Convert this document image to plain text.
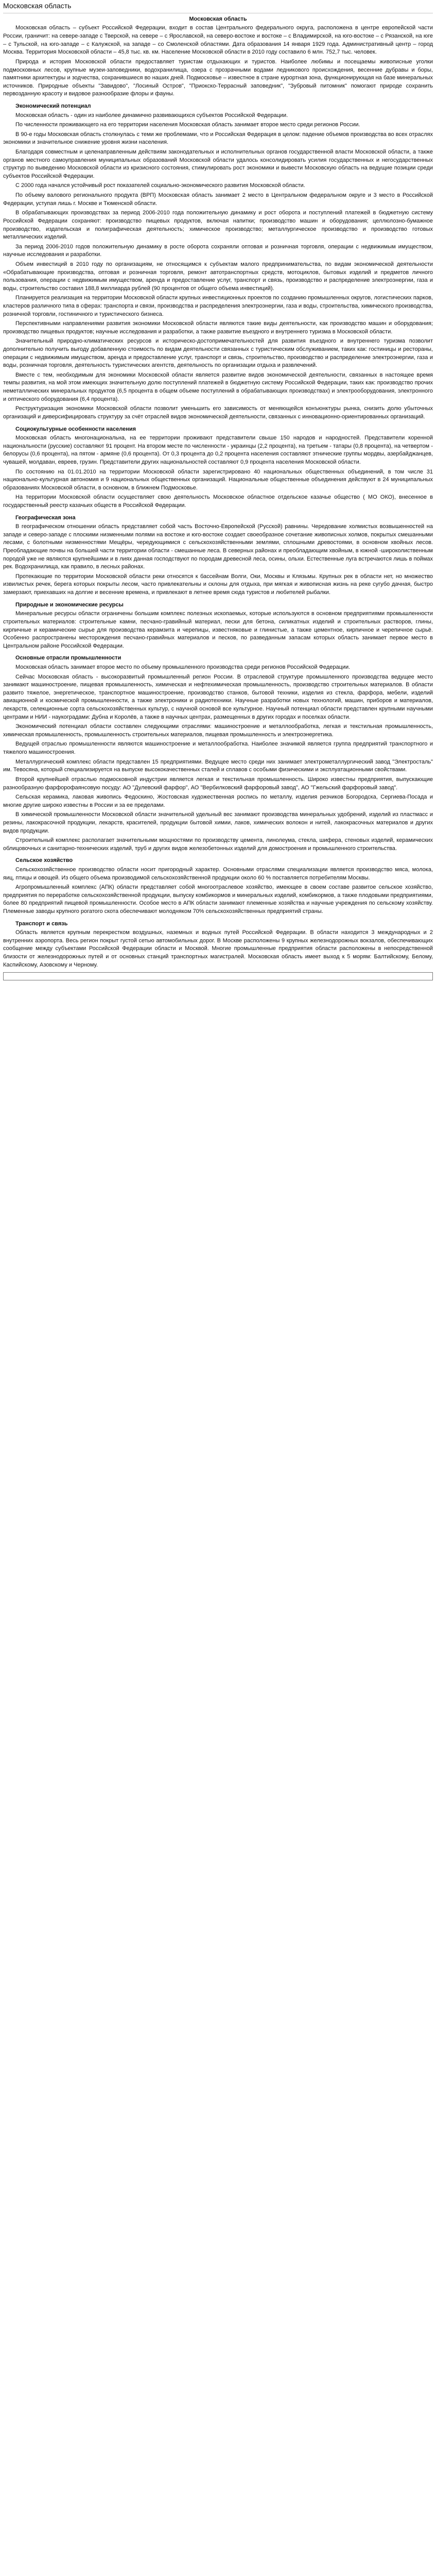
Московская область
Московская область

Московская область – субъект Российской Федерации, входит в состав Центрального федерального округа, расположена в центре европейской части России, граничит: на севере-западе с Тверской, на севере – с Ярославской, на северо-востоке и востоке – с Владимирской, на юго-востоке – с Рязанской, на юге – с Тульской, на юго-западе – с Калужской, на западе – со Смоленской областями. Дата образования 14 января 1929 года. Административный центр – город Москва. Территория Московской области – 45,8 тыс. кв. км. Население Московской области в 2010 году составило 6 млн. 752,7 тыс. человек.

Природа и история Московской области предоставляет туристам отдыхающих и туристов. Наиболее любимы и посещаемы живописные уголки подмосковных лесов, крупные музеи-заповедники, водохранилища, озера с прозрачными водами ледникового происхождения, весенние дубравы и боры, памятники архитектуры и зодчества, сохранившиеся во наших дней. Подмосковье – известное в стране курортная зона, функционирующая на базе минеральных источников. Природные объекты "Завидово", "Лосиный Остров", "Приокско-Террасный заповедник", "Зубровый питомник" помогают природе сохранить первозданную красоту и видовое разнообразие флоры и фауны.

Экономический потенциал

Московская область - один из наиболее динамично развивающихся субъектов Российской Федерации.

По численности проживающего на его территории населения Московская область занимает второе место среди регионов России.

В 90-е годы Московская область столкнулась с теми же проблемами, что и Российская Федерация в целом: падение объемов производства во всех отраслях экономики и значительное снижение уровня жизни населения.

Благодаря совместным и целенаправленным действиям законодательных и исполнительных органов государственной власти Московской области, а также органов местного самоуправления муниципальных образований Московской области удалось консолидировать усилия государственных и негосударственных структур по выведению Московской области из кризисного состояния, стимулировать рост экономики и вывести Московскую область на ведущие позиции среди субъектов Российской Федерации.

С 2000 года начался устойчивый рост показателей социально-экономического развития Московской области.

По объему валового регионального продукта (ВРП) Московская область занимает 2 место в Центральном федеральном округе и 3 место в Российской Федерации, уступая лишь г. Москве и Тюменской области.

В обрабатывающих производствах за период 2006-2010 года положительную динамику и рост оборота и поступлений платежей в бюджетную систему Российской Федерации сохраняют: производство пищевых продуктов, включая напитки; производство машин и оборудования; целлюлозно-бумажное производство, издательская и полиграфическая деятельность; химическое производство; металлургическое производство и производство готовых металлических изделий.

За период 2006-2010 годов положительную динамику в росте оборота сохраняли оптовая и розничная торговля, операции с недвижимым имуществом, научные исследования и разработки.

Объем инвестиций в 2010 году по организациям, не относящимся к субъектам малого предпринимательства, по видам экономической деятельности «Обрабатывающие производства, оптовая и розничная торговля, ремонт автотранспортных средств, мотоциклов, бытовых изделий и предметов личного пользования, операции с недвижимым имуществом, аренда и предоставление услуг, транспорт и связь, производство и распределение электроэнергии, газа и воды, строительство составил 188,8 миллиарда рублей (90 процентов от общего объема инвестиций).

Планируется реализация на территории Московской области крупных инвестиционных проектов по созданию промышленных округов, логистических парков, кластеров различного типа в сферах: транспорта и связи, производства и распределения электроэнергии, газа и воды, строительства, химического производства, розничной торговли, гостиничного и туристического бизнеса.

Перспективными направлениями развития экономики Московской области являются такие виды деятельности, как производство машин и оборудования; производство пищевых продуктов; научные исследования и разработки, а также развитие въездного и внутреннего туризма в Московской области.

Значительный природно-климатических ресурсов и историческо-достопримечательностей для развития въездного и внутреннего туризма позволит дополнительно получить выгоду добавленную стоимость по видам деятельности связанных с туристическим обслуживанием, таких как: гостиницы и рестораны, операции с недвижимым имуществом, аренда и предоставление услуг, транспорт и связь, строительство, производство и распределение электроэнергии, газа и воды, розничная торговля, деятельность туристических агентств, деятельность по организации отдыха и развлечений.

Вместе с тем, необходимым для экономики Московской области является развитие видов экономической деятельности, связанных в настоящее время темпы развития, на мой этом имеющих значительную долю поступлений платежей в бюджетную систему Российской Федерации, таких как: производство прочих неметаллических минеральных продуктов (6,5 процента в общем объеме поступлений в обрабатывающих производствах) и электрооборудования, электронного и оптического оборудования (6,4 процента).

Реструктуризация экономики Московской области позволит уменьшить его зависимость от меняющейся конъюнктуры рынка, снизить долю убыточных организаций и диверсифицировать структуру за счёт отраслей видов экономической деятельности, связанных с инновационно-ориентированных организаций.

Социокультурные особенности населения

Московская область многонациональна, на ее территории проживают представители свыше 150 народов и народностей. Представители коренной национальности (русские) составляют 91 процент. На втором месте по численности - украинцы (2,2 процента), на третьем - татары (0,8 процента), на четвертом - белорусы (0,6 процента), на пятом - армяне (0,6 процента). От 0,3 процента до 0,2 процента населения составляют этнические группы мордвы, азербайджанцев, чувашей, молдаван, евреев, грузин. Представители других национальностей составляют 0,9 процента населения Московской области.

По состоянию на 01.01.2010 на территории Московской области зарегистрировано 40 национальных общественных объединений, в том числе 31 национально-культурная автономия и 9 национальных общественных организаций. Национальные общественные объединения действуют в 24 муниципальных образованиях Московской области, в основном, в ближнем Подмосковье.

На территории Московской области осуществляет свою деятельность Московское областное отдельское казачье общество ( МО ОКО), внесенное в государственный реестр казачьих обществ в Российской Федерации.

Географическая зона

В географическом отношении область представляет собой часть Восточно-Европейской (Русской) равнины. Чередование холмистых возвышенностей на западе и северо-западе с плоскими низменными полями на востоке и юго-востоке создает своеобразное сочетание живописных холмов, покрытых смешанными лесами, с болотными низменностями Мещёры, чередующимися с сельскохозяйственными землями, сплошными древостоями, в основном хвойных лесов. Преобладающие почвы на большей части территории области - смешанные леса. В северных районах и преобладающим хвойным, в южной -широколиственным породой уже не являются крупнейшими и в лиях данная господствуют по породам древесной леса, осины, ольхи. Естественные луга встречаются лишь в поймах рек. Водохранилища, как правило, в лесных районах.

Протекающие по территории Московской области реки относятся к бассейнам Волги, Оки, Москвы и Клязьмы. Крупных рек в области нет, но множество извилистых речек, берега которых покрыты лесом, часто привлекательны и склоны для отдыха, при мягкая и живописная жизнь на реке сугубо дачная, быстро замерзают, приехавших на долгие и весенние времена, и привлекают в летнее время сюда туристов и любителей рыбалки.

Природные и экономические ресурсы

Минеральные ресурсы области ограничены большим комплекс полезных ископаемых, которые используются в основном предприятиями промышленности строительных материалов: строительные камни, песчано-гравийный материал, пески для бетона, силикатных изделий и строительных растворов, глины, кирпичные и керамические сырье для производства керамзита и черепицы, известняковые и глинистые, а также цементное, кирпичное и черепичное сырьё. Особенно распространены месторождения песчано-гравийных материалов и песков, по разведанным запасам которых область занимает первое место в Центральном районе Российской Федерации.

Основные отрасли промышленности

Московская область занимает второе место по объему промышленного производства среди регионов Российской Федерации.

Сейчас Московская область - высокоразвитый промышленный регион России. В отраслевой структуре промышленного производства ведущее место занимают машиностроение, пищевая промышленность, химическая и нефтехимическая промышленность, производство строительных материалов. В области развито тяжелое, энергетическое, транспортное машиностроение, производство станков, бытовой техники, изделия из стекла, фарфора, мебели, изделий авиационной и космической промышленности, а также электроники и радиотехники. Научные разработки новых технологий, машин, приборов и материалов, лекарств, селекционные сорта сельскохозяйственных культур, с научной основой все культурное. Научный потенциал области представлен крупными научными центрами и НИИ - наукоградами: Дубна и Королёв, а также в научных центрах, размещенных в других городах и поселках области.

Экономический потенциал области составлен следующими отраслями: машиностроение и металлообработка, легкая и текстильная промышленность, химическая промышленность, промышленность строительных материалов, пищевая промышленность и электроэнергетика.

Ведущей отраслью промышленности являются машиностроение и металлообработка. Наиболее значимой является группа предприятий транспортного и тяжелого машиностроения.

Металлургический комплекс области представлен 15 предприятиями. Ведущее место среди них занимает электрометаллургический завод "Электросталь" им. Тевосяна, который специализируется на выпуске высококачественных сталей и сплавов с особыми физическими и эксплуатационными свойствами.

Второй крупнейшей отраслью подмосковной индустрии является легкая и текстильная промышленность. Широко известны предприятия, выпускающие разнообразную фарфорофаянсовую посуду: АО "Дулевский фарфор", АО "Вербилковский фарфоровый завод", АО "Гжельский фарфоровый завод".

Сельская керамика, лаковая живопись Федоскино, Жостовская художественная роспись по металлу, изделия резчиков Богородска, Сергиева-Посада и многие другие широко известны в России и за ее пределами.

В химической промышленности Московской области значительной удельный вес занимают производства минеральных удобрений, изделий из пластмасс и резины, лакокрасочной продукции, лекарств, красителей, продукции бытовой химии, лаков, химических волокон и нитей, лакокрасочных материалов и других видов продукции.

Строительный комплекс располагает значительными мощностями по производству цемента, линолеума, стекла, шифера, стеновых изделий, керамических облицовочных и санитарно-технических изделий, труб и других видов железобетонных изделий для домостроения и промышленного строительства.

Сельское хозяйство

Сельскохозяйственное производство области носит пригородный характер. Основными отраслями специализации является производство мяса, молока, яиц, птицы и овощей. Из общего объема производимой сельскохозяйственной продукции около 60 % поставляется потребителям Москвы.

Агропромышленный комплекс (АПК) области представляет собой многоотраслевое хозяйство, имеющее в своем составе развитое сельское хозяйство, предприятия по переработке сельскохозяйственной продукции, выпуску комбикормов и минеральных изделий, комбикормов, а также плодовыми предприятиями, более 80 предприятий пищевой промышленности. Особое место в АПК области занимают племенные хозяйства и научные учреждения по сельскому хозяйству. Племенные заводы крупного рогатого скота обеспечивают молодняком 70% сельскохозяйственных предприятий страны.

Транспорт и связь

Область является крупным перекрестком воздушных, наземных и водных путей Российской Федерации. В области находится 3 международных и 2 внутренних аэропорта. Весь регион покрыт густой сетью автомобильных дорог. В Москве расположены 9 крупных железнодорожных вокзалов, обеспечивающих сообщение между субъектами Российской Федерации области и Москвой. Многие промышленные предприятия области расположены в непосредственной близости от железнодорожных путей и от основных станций транспортных магистралей. Московская область имеет выход к 5 морям: Балтийскому, Белому, Каспийскому, Азовскому и Черному.
